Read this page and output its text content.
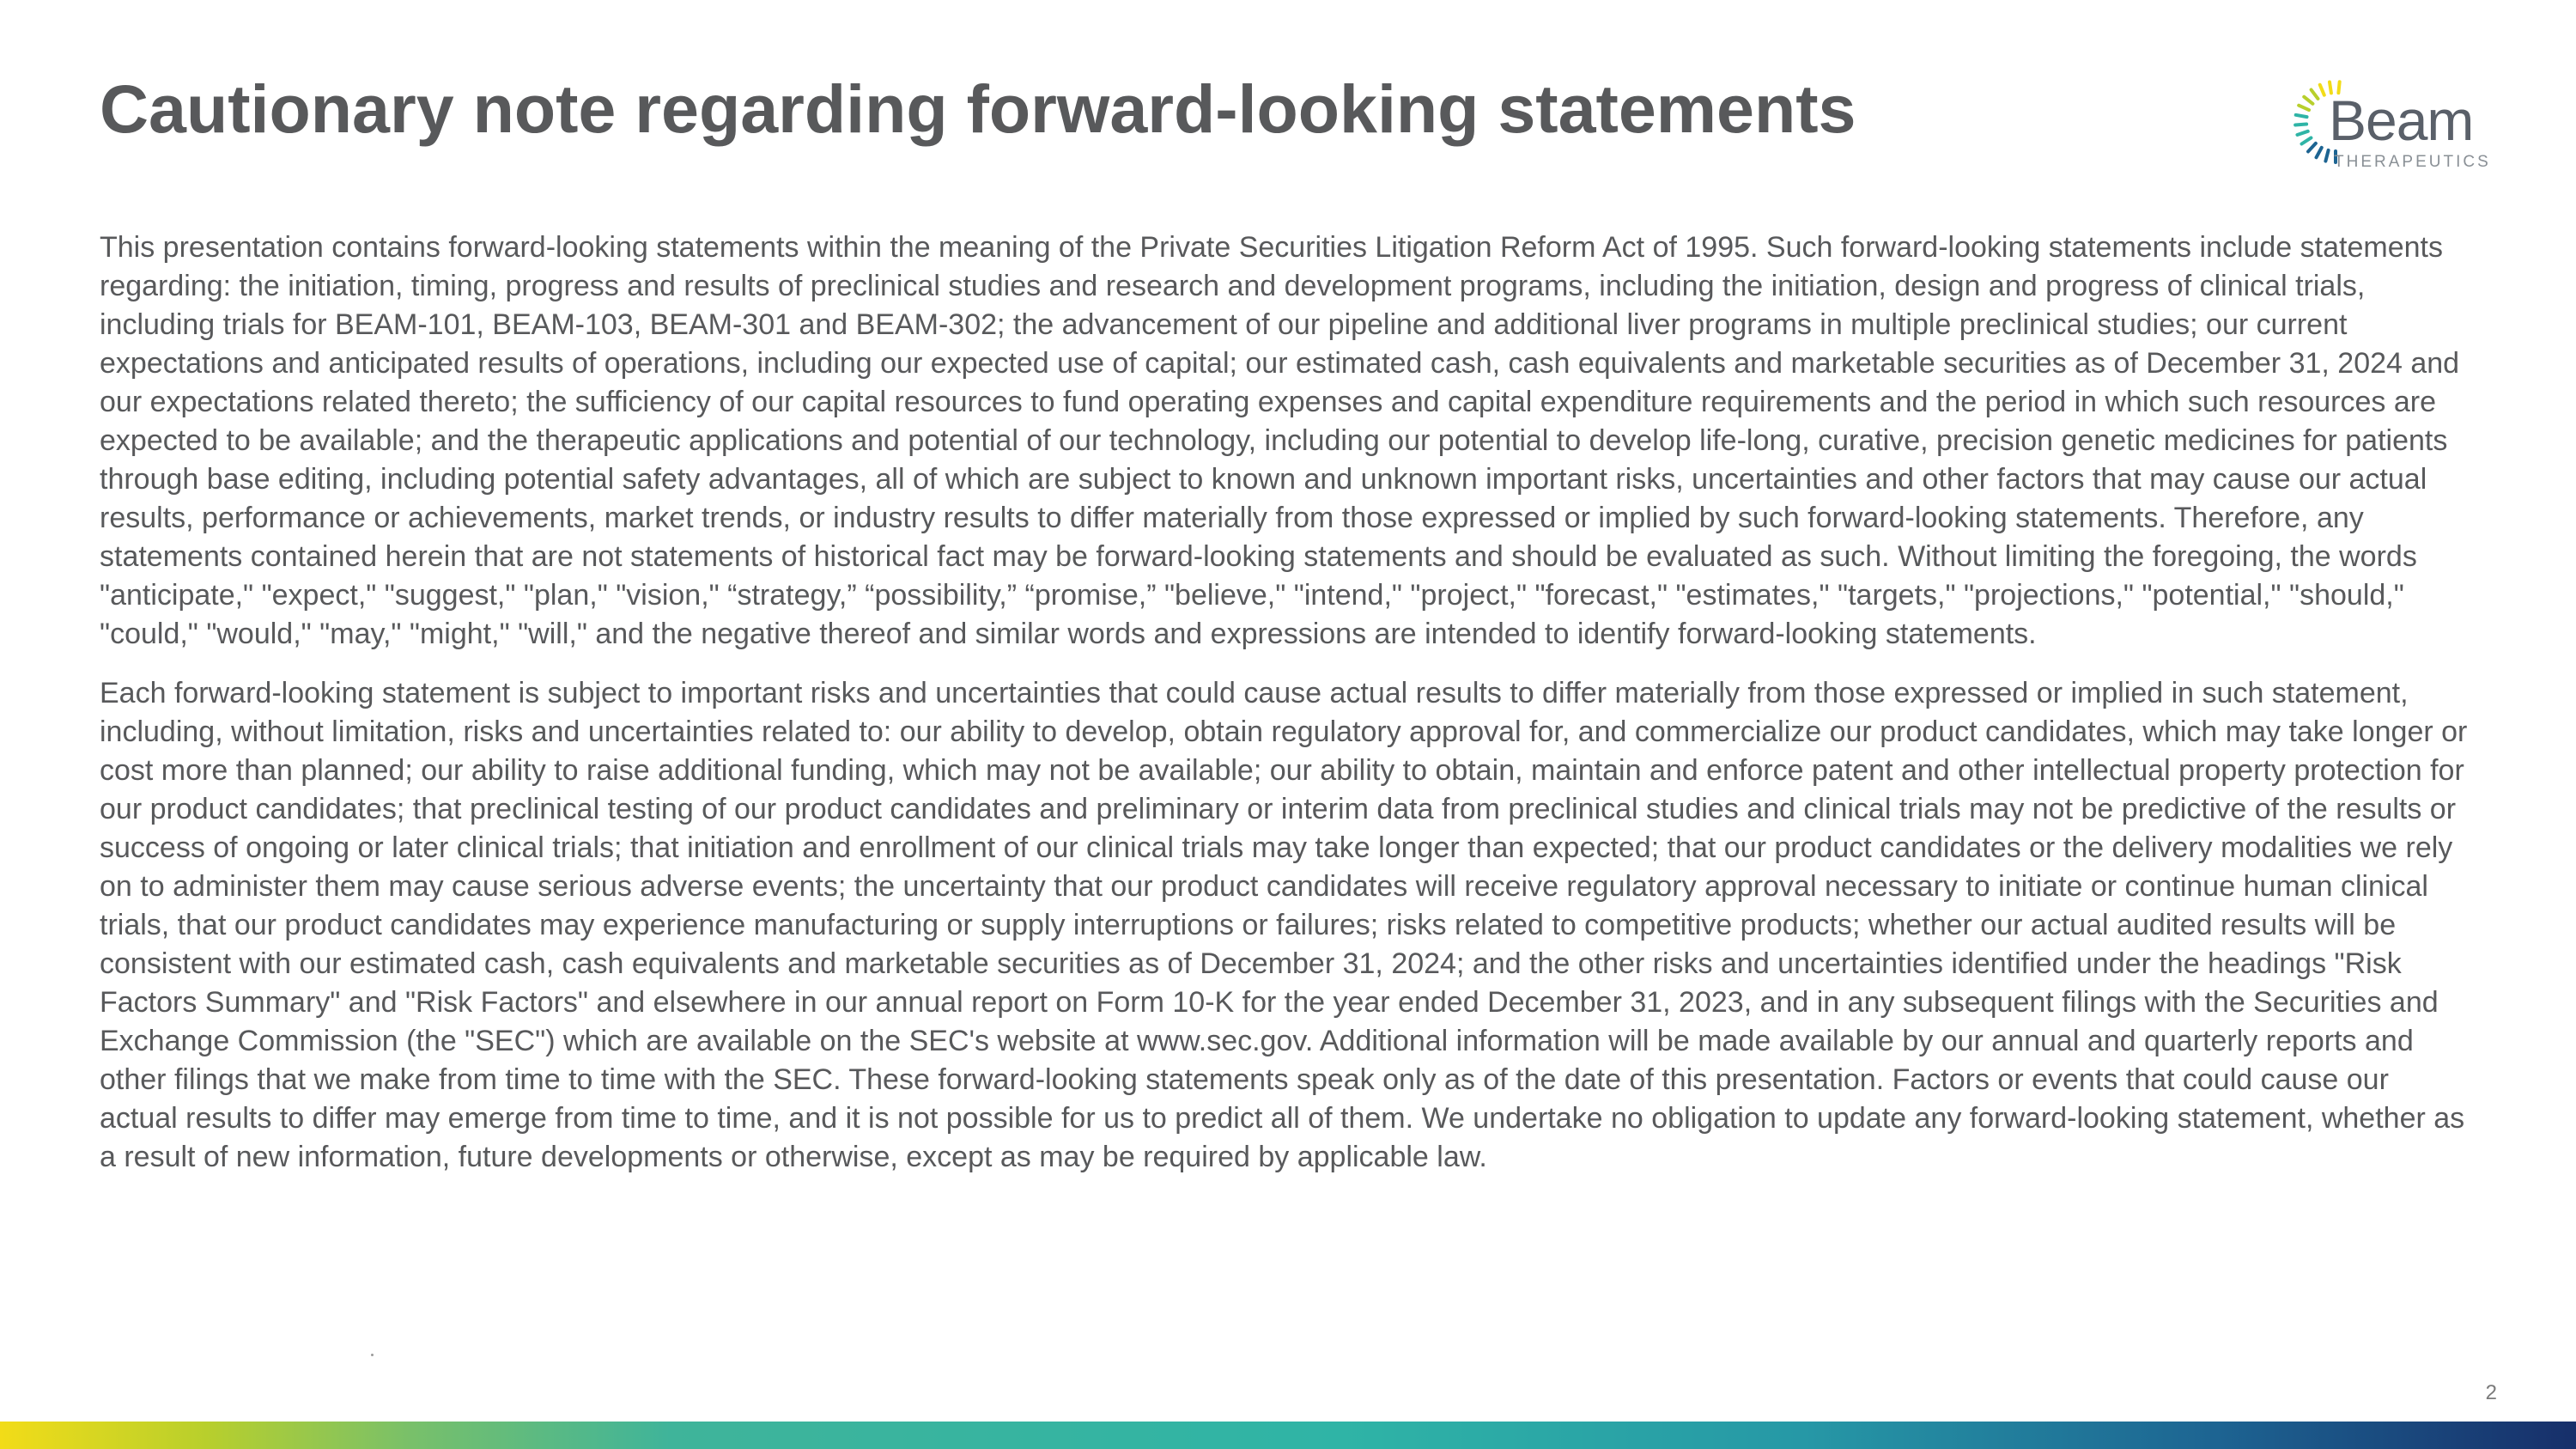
Cautionary note regarding forward-looking statements	Beam
THERAPEUTICS

This presentation contains forward-looking statements within the meaning of the Private Securities Litigation Reform Act of 1995. Such forward-looking statements include statements regarding: the initiation, timing, progress and results of preclinical studies and research and development programs, including the initiation, design and progress of clinical trials, including trials for BEAM-101, BEAM-103, BEAM-301 and BEAM-302; the advancement of our pipeline and additional liver programs in multiple preclinical studies; our current expectations and anticipated results of operations, including our expected use of capital; our estimated cash, cash equivalents and marketable securities as of December 31, 2024 and our expectations related thereto; the sufficiency of our capital resources to fund operating expenses and capital expenditure requirements and the period in which such resources are expected to be available; and the therapeutic applications and potential of our technology, including our potential to develop life-long, curative, precision genetic medicines for patients through base editing, including potential safety advantages, all of which are subject to known and unknown important risks, uncertainties and other factors that may cause our actual results, performance or achievements, market trends, or industry results to differ materially from those expressed or implied by such forward-looking statements. Therefore, any statements contained herein that are not statements of historical fact may be forward-looking statements and should be evaluated as such. Without limiting the foregoing, the words "anticipate," "expect," "suggest," "plan," "vision," “strategy,” “possibility,” “promise,” "believe," "intend," "project," "forecast," "estimates," "targets," "projections," "potential," "should," "could," "would," "may," "might," "will," and the negative thereof and similar words and expressions are intended to identify forward-looking statements.

Each forward-looking statement is subject to important risks and uncertainties that could cause actual results to differ materially from those expressed or implied in such statement, including, without limitation, risks and uncertainties related to: our ability to develop, obtain regulatory approval for, and commercialize our product candidates, which may take longer or cost more than planned; our ability to raise additional funding, which may not be available; our ability to obtain, maintain and enforce patent and other intellectual property protection for our product candidates; that preclinical testing of our product candidates and preliminary or interim data from preclinical studies and clinical trials may not be predictive of the results or success of ongoing or later clinical trials; that initiation and enrollment of our clinical trials may take longer than expected; that our product candidates or the delivery modalities we rely on to administer them may cause serious adverse events; the uncertainty that our product candidates will receive regulatory approval necessary to initiate or continue human clinical trials, that our product candidates may experience manufacturing or supply interruptions or failures; risks related to competitive products; whether our actual audited results will be consistent with our estimated cash, cash equivalents and marketable securities as of December 31, 2024; and the other risks and uncertainties identified under the headings "Risk Factors Summary" and "Risk Factors" and elsewhere in our annual report on Form 10-K for the year ended December 31, 2023, and in any subsequent filings with the Securities and Exchange Commission (the "SEC") which are available on the SEC's website at www.sec.gov. Additional information will be made available by our annual and quarterly reports and other filings that we make from time to time with the SEC. These forward-looking statements speak only as of the date of this presentation. Factors or events that could cause our actual results to differ may emerge from time to time, and it is not possible for us to predict all of them. We undertake no obligation to update any forward-looking statement, whether as a result of new information, future developments or otherwise, except as may be required by applicable law.

2
